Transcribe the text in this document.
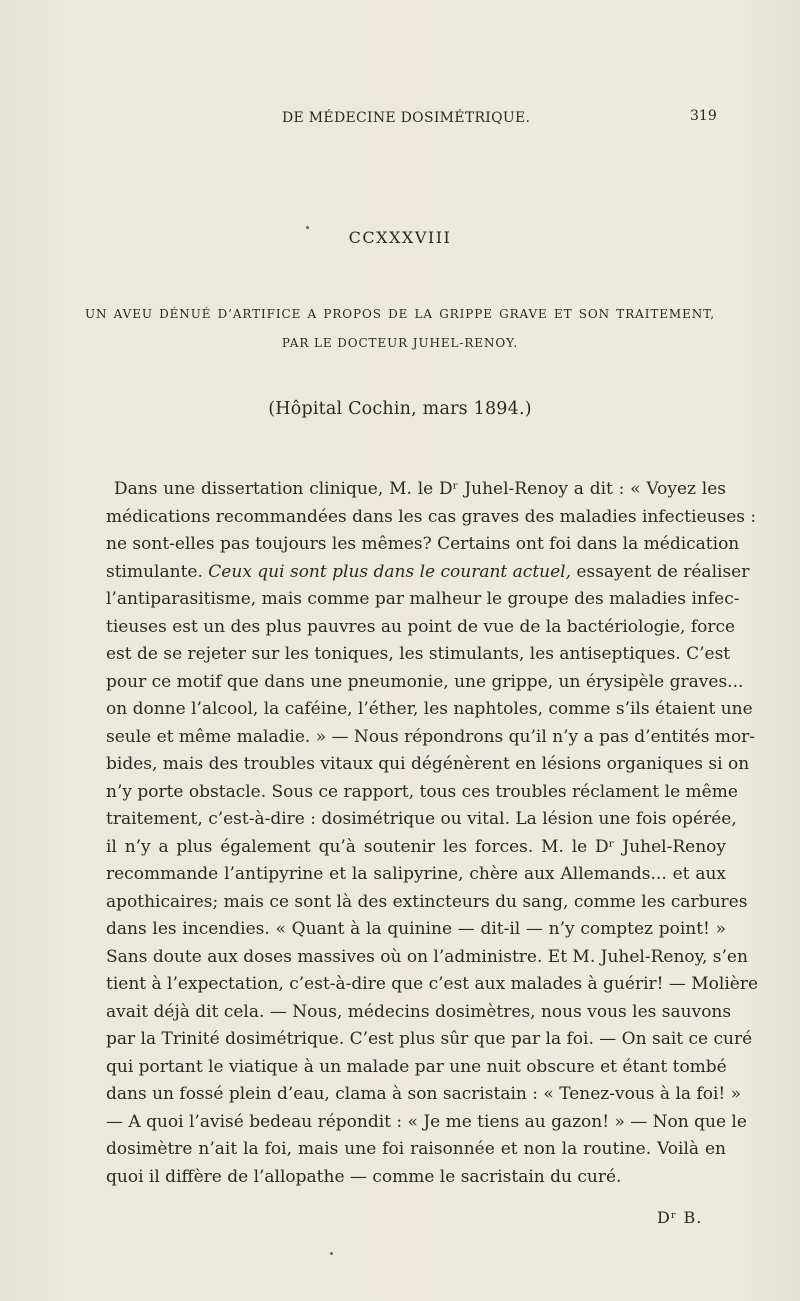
DE MÉDECINE DOSIMÉTRIQUE.	319
CCXXXVIII
UN AVEU DÉNUÉ D’ARTIFICE A PROPOS DE LA GRIPPE GRAVE ET SON TRAITEMENT,
PAR LE DOCTEUR JUHEL-RENOY.
(Hôpital Cochin, mars 1894.)
Dans une dissertation clinique, M. le Dʳ Juhel-Renoy a dit : « Voyez les
médications recommandées dans les cas graves des maladies infectieuses :
ne sont-elles pas toujours les mêmes? Certains ont foi dans la médication
stimulante. Ceux qui sont plus dans le courant actuel, essayent de réaliser
l’antiparasitisme, mais comme par malheur le groupe des maladies infec-
tieuses est un des plus pauvres au point de vue de la bactériologie, force
est de se rejeter sur les toniques, les stimulants, les antiseptiques. C’est
pour ce motif que dans une pneumonie, une grippe, un érysipèle graves...
on donne l’alcool, la caféine, l’éther, les naphtoles, comme s’ils étaient une
seule et même maladie. » — Nous répondrons qu’il n’y a pas d’entités mor-
bides, mais des troubles vitaux qui dégénèrent en lésions organiques si on
n’y porte obstacle. Sous ce rapport, tous ces troubles réclament le même
traitement, c’est-à-dire : dosimétrique ou vital. La lésion une fois opérée,
il n’y a plus également qu’à soutenir les forces. M. le Dʳ Juhel-Renoy
recommande l’antipyrine et la salipyrine, chère aux Allemands... et aux
apothicaires; mais ce sont là des extincteurs du sang, comme les carbures
dans les incendies. « Quant à la quinine — dit-il — n’y comptez point! »
Sans doute aux doses massives où on l’administre. Et M. Juhel-Renoy, s’en
tient à l’expectation, c’est-à-dire que c’est aux malades à guérir! — Molière
avait déjà dit cela. — Nous, médecins dosimètres, nous vous les sauvons
par la Trinité dosimétrique. C’est plus sûr que par la foi. — On sait ce curé
qui portant le viatique à un malade par une nuit obscure et étant tombé
dans un fossé plein d’eau, clama à son sacristain : « Tenez-vous à la foi! »
— A quoi l’avisé bedeau répondit : « Je me tiens au gazon! » — Non que le
dosimètre n’ait la foi, mais une foi raisonnée et non la routine. Voilà en
quoi il diffère de l’allopathe — comme le sacristain du curé.
Dʳ B.
